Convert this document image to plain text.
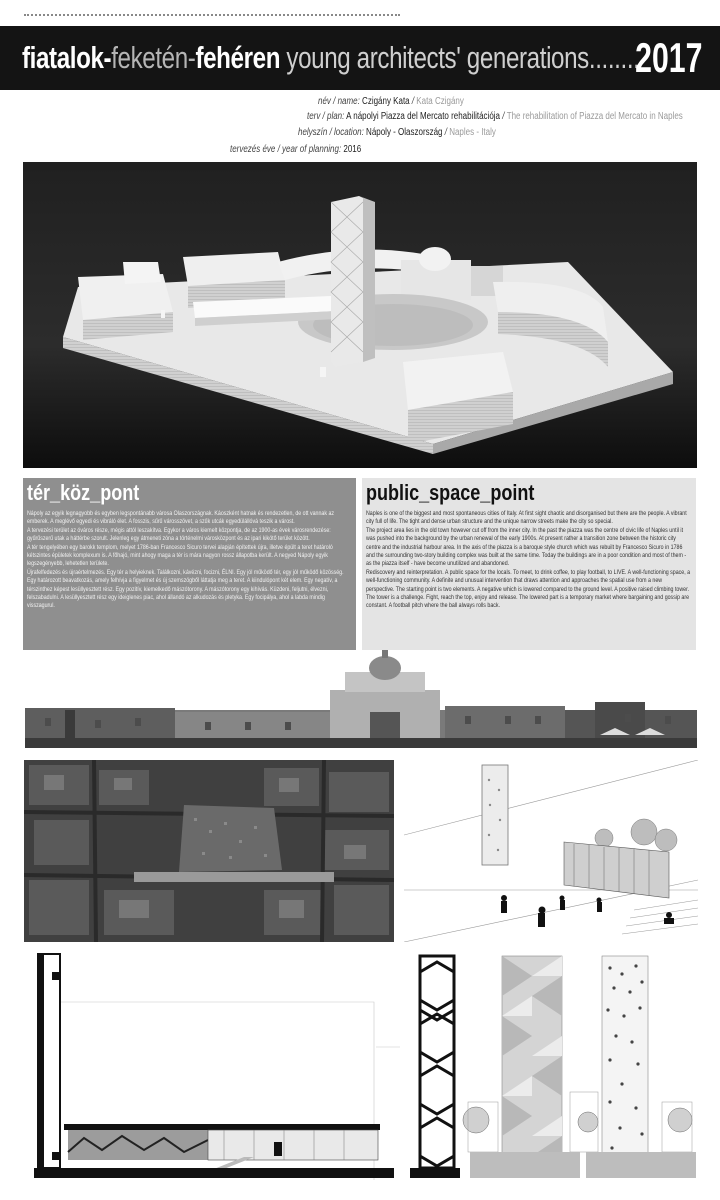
fiatalok-feketén-fehéren young architects' generations........
2017
név / name: Czigány Kata / Kata Czigány
terv / plan: A nápolyi Piazza del Mercato rehabilitációja / The rehabilitation of Piazza del Mercato in Naples
helyszín / location: Nápoly - Olaszország / Naples - Italy
tervezés éve / year of planning: 2016
tér_köz_pont

Nápoly az egyik legnagyobb és egyben legspontánabb városa Olaszországnak. Káoszként hatnak és rendezetlen, de ott vannak az emberek. A meglévő egyedi és vibráló élet. A fosszis, sűrű városszövet, a szűk utcák egyedülállóvá teszik a várost.

A tervezési terület az óváros része, mégis attól leszakítva. Egykor a város kiemelt központja, de az 1900-as évek városrendezése: gyűrűszerű utak a háttérbe szorult. Jelenleg egy átmeneti zóna a történelmi városközpont és az ipari kikötő terület között.

A tér tengelyében egy barokk templom, melyet 1786-ban Francesco Sicuro tervei alapján építettek újra, illetve épült a teret határoló kétszintes épületek komplexum is. A főhajó, mint ahogy maga a tér is mára nagyon rossz állapotba került. A negyed Nápoly egyik legszegényebb, lehetetlen területe.

Újrafelfedezés és újraértelmezés. Egy tér a helyieknek. Találkozni, kávézni, focizni, ÉLNI. Egy jól működő tér, egy jól működő közösség. Egy határozott beavatkozás, amely felhívja a figyelmet és új szemszögből láttatja meg a teret. A kiindulópont két elem. Egy negatív, a térszinthez képest lesüllyesztett rész. Egy pozitív, kiemelkedő mászótorony. A mászótorony egy kihívás. Küzdeni, feljutni, élvezni, felszabadulni. A lesüllyesztett rész egy ideiglenes piac, ahol állandó az alkudozás és pletyka. Egy focipálya, ahol a labda mindig visszagurul.

public_space_point

Naples is one of the biggest and most spontaneous cities of Italy. At first sight chaotic and disorganised but there are the people. A vibrant city full of life. The tight and dense urban structure and the unique narrow streets make the city so special.

The project area lies in the old town however cut off from the inner city. In the past the piazza was the centre of civic life of Naples until it was pushed into the background by the urban renewal of the early 1900s. At present rather a transition zone between the historic city centre and the industrial harbour area. In the axis of the piazza is a baroque style church which was rebuilt by Francesco Sicuro in 1786 and the surrounding two-story building complex was built at the same time. Today the buildings are in a poor condition and most of them - as the piazza itself - have become unutilized and abandoned.

Rediscovery and reinterpretation. A public space for the locals. To meet, to drink coffee, to play football, to LIVE. A well-functioning space, a well-functioning community. A definite and unusual intervention that draws attention and approaches the spatial use from a new perspective. The starting point is two elements. A negative which is lowered compared to the ground level. A positive raised climbing tower. The tower is a challenge. Fight, reach the top, enjoy and release. The lowered part is a temporary market where bargaining and gossip are constant. A football pitch where the ball always rolls back.
